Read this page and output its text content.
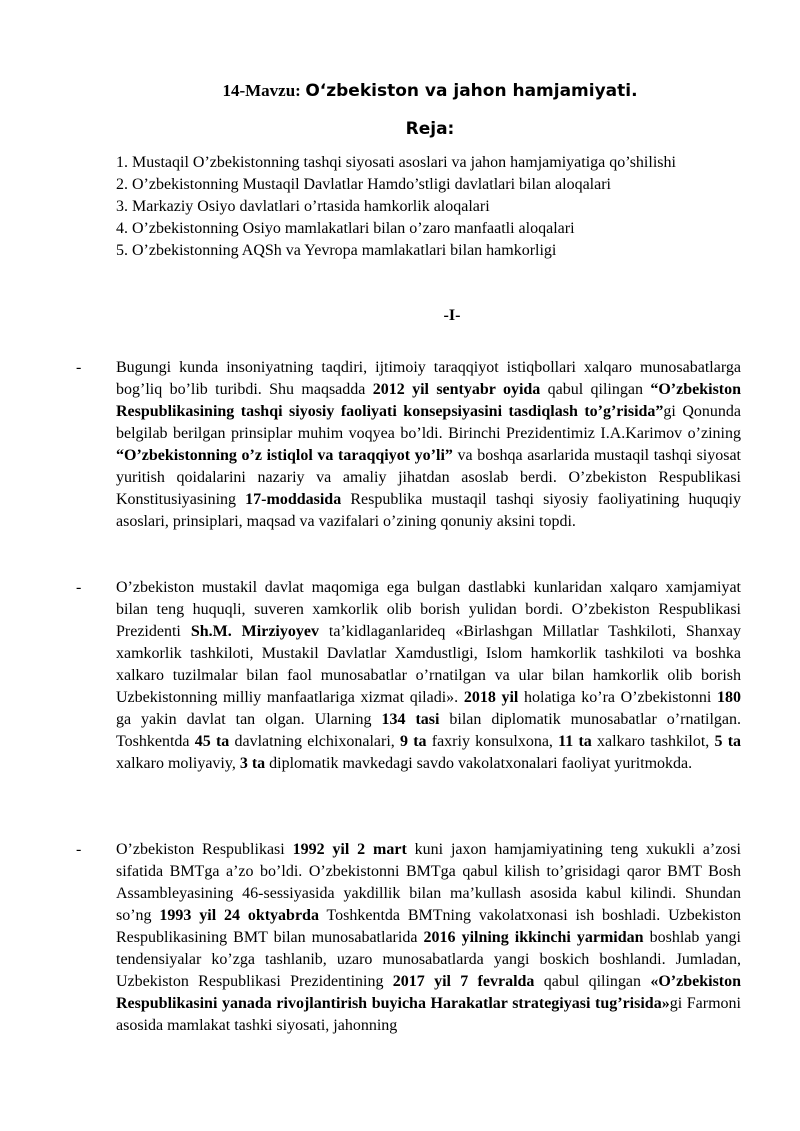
14-Mavzu: O‘zbekiston va jahon hamjamiyati.
Reja:
1. Mustaqil O’zbekistonning tashqi siyosati asoslari va jahon hamjamiyatiga qo’shilishi
2. O’zbekistonning Mustaqil Davlatlar Hamdo’stligi davlatlari bilan aloqalari
3. Markaziy Osiyo davlatlari o’rtasida hamkorlik aloqalari
4. O’zbekistonning Osiyo mamlakatlari bilan o’zaro manfaatli aloqalari
5. O’zbekistonning AQSh va Yevropa mamlakatlari bilan hamkorligi
-I-
- Bugungi kunda insoniyatning taqdiri, ijtimoiy taraqqiyot istiqbollari xalqaro munosabatlarga bog’liq bo’lib turibdi. Shu maqsadda 2012 yil sentyabr oyida qabul qilingan “O’zbekiston Respublikasining tashqi siyosiy faoliyati konsepsiyasini tasdiqlash to’g’risida”gi Qonunda belgilab berilgan prinsiplar muhim voqyea bo’ldi. Birinchi Prezidentimiz I.A.Karimov o’zining “O’zbekistonning o’z istiqlol va taraqqiyot yo’li” va boshqa asarlarida mustaqil tashqi siyosat yuritish qoidalarini nazariy va amaliy jihatdan asoslab berdi. O’zbekiston Respublikasi Konstitusiyasining 17-moddasida Respublika mustaqil tashqi siyosiy faoliyatining huquqiy asoslari, prinsiplari, maqsad va vazifalari o’zining qonuniy aksini topdi.
- O’zbekiston mustakil davlat maqomiga ega bulgan dastlabki kunlaridan xalqaro xamjamiyat bilan teng huquqli, suveren xamkorlik olib borish yulidan bordi. O’zbekiston Respublikasi Prezidenti Sh.M. Mirziyoyev ta’kidlaganlarideq «Birlashgan Millatlar Tashkiloti, Shanxay xamkorlik tashkiloti, Mustakil Davlatlar Xamdustligi, Islom hamkorlik tashkiloti va boshka xalkaro tuzilmalar bilan faol munosabatlar o’rnatilgan va ular bilan hamkorlik olib borish Uzbekistonning milliy manfaatlariga xizmat qiladi». 2018 yil holatiga ko’ra O’zbekistonni 180 ga yakin davlat tan olgan. Ularning 134 tasi bilan diplomatik munosabatlar o’rnatilgan. Toshkentda 45 ta davlatning elchixonalari, 9 ta faxriy konsulxona, 11 ta xalkaro tashkilot, 5 ta xalkaro moliyaviy, 3 ta diplomatik mavkedagi savdo vakolatxonalari faoliyat yuritmokda.
- O’zbekiston Respublikasi 1992 yil 2 mart kuni jaxon hamjamiyatining teng xukukli a’zosi sifatida BMTga a’zo bo’ldi. O’zbekistonni BMTga qabul kilish to’grisidagi qaror BMT Bosh Assambleyasining 46-sessiyasida yakdillik bilan ma’kullash asosida kabul kilindi. Shundan so’ng 1993 yil 24 oktyabrda Toshkentda BMTning vakolatxonasi ish boshladi. Uzbekiston Respublikasining BMT bilan munosabatlarida 2016 yilning ikkinchi yarmidan boshlab yangi tendensiyalar ko’zga tashlanib, uzaro munosabatlarda yangi boskich boshlandi. Jumladan, Uzbekiston Respublikasi Prezidentining 2017 yil 7 fevralda qabul qilingan «O’zbekiston Respublikasini yanada rivojlantirish buyicha Harakatlar strategiyasi tug’risida»gi Farmoni asosida mamlakat tashki siyosati, jahonning
